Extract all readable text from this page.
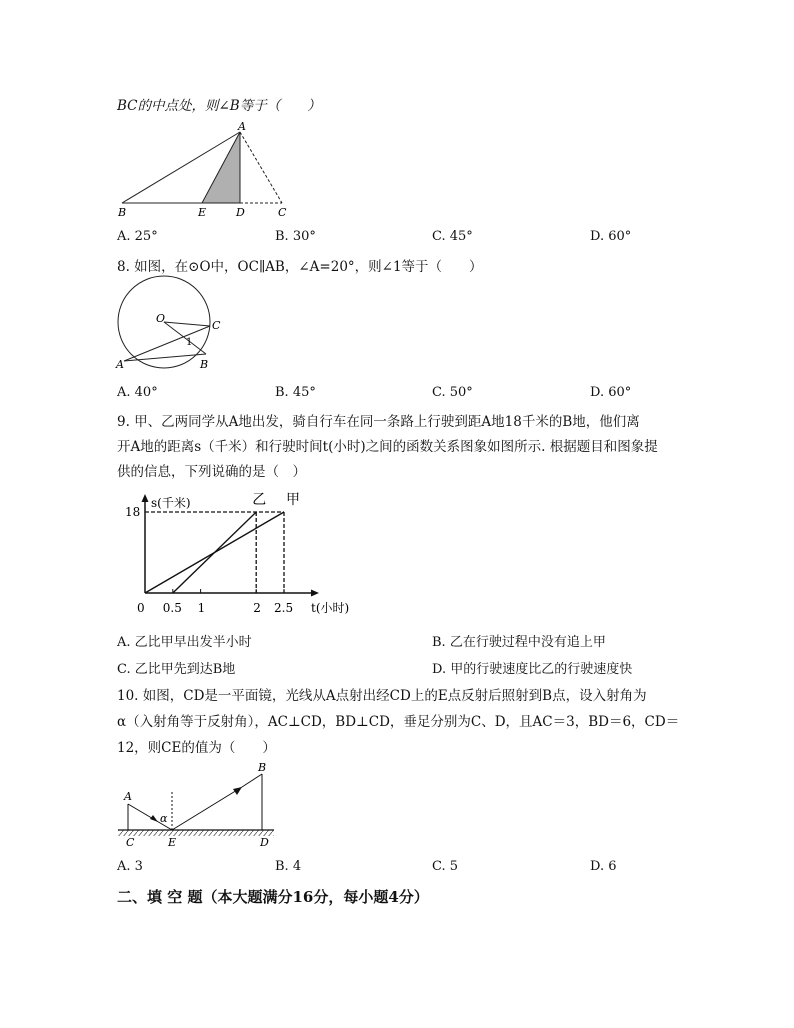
BC的中点处，则∠B等于（　　）
A
B	E	D	C
A. 25°	B. 30°	C. 45°	D. 60°
8. 如图，在⊙O中，OC∥AB，∠A=20°，则∠1等于（　　）
O
C
A	B
1
A. 40°	B. 45°	C. 50°	D. 60°
9. 甲、乙两同学从A地出发，骑自行车在同一条路上行驶到距A地18千米的B地，他们离
开A地的距离s（千米）和行驶时间t(小时)之间的函数关系图象如图所示. 根据题目和图象提
供的信息，下列说确的是（　）
s(千米)
t(小时)
0 0.5 1	2 2.5
18
乙 甲
A. 乙比甲早出发半小时	B. 乙在行驶过程中没有追上甲
C. 乙比甲先到达B地	D. 甲的行驶速度比乙的行驶速度快
10. 如图，CD是一平面镜，光线从A点射出经CD上的E点反射后照射到B点，设入射角为
α（入射角等于反射角），AC⊥CD，BD⊥CD，垂足分别为C、D，且AC＝3，BD＝6，CD＝
12，则CE的值为（　　）
A
B
C	E	D
α
A. 3	B. 4	C. 5	D. 6
二、填 空 题（本大题满分16分，每小题4分）
